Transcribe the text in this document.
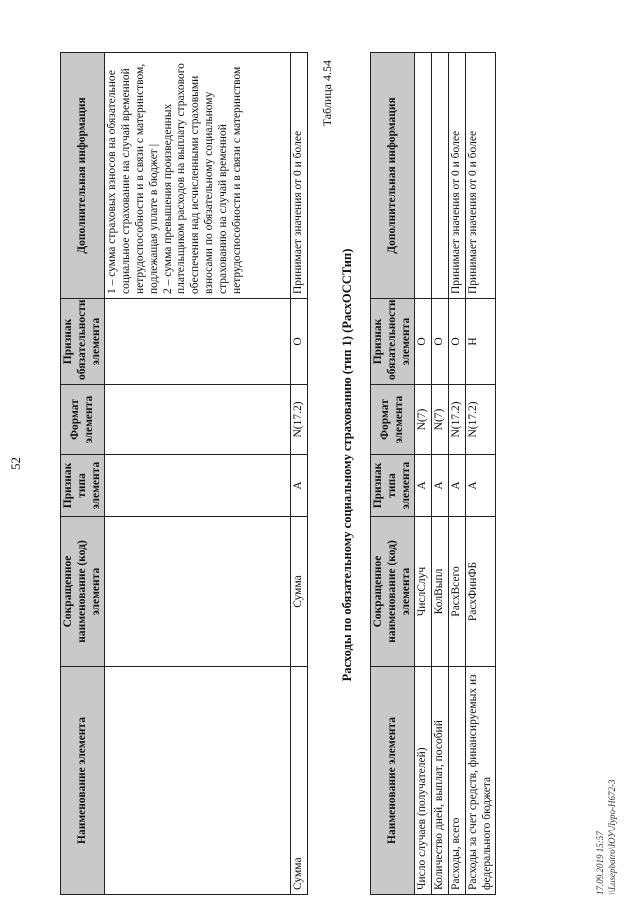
52
Наименование элемента	Сокращенное наименование (код) элемента	Признак типа элемента	Формат элемента	Признак обязательности элемента	Дополнительная информация

					1 – сумма страховых взносов на обязательное социальное страхование на случай временной нетрудоспособности и в связи с материнством, подлежащая уплате в бюджет | 2 – сумма превышения произведенных плательщиком расходов на выплату страхового обеспечения над исчисленными страховыми взносами по обязательному социальному страхованию на случай временной нетрудоспособности и в связи с материнством

Сумма	Сумма	А	N(17.2)	О	Принимает значения от 0 и более
Таблица 4.54
Расходы по обязательному социальному страхованию (тип 1) (РасхОССТип)
Наименование элемента	Сокращенное наименование (код) элемента	Признак типа элемента	Формат элемента	Признак обязательности элемента	Дополнительная информация
Число случаев (получателей)	ЧислСлуч	А	N(7)	О	
Количество дней, выплат, пособий	КолВыпл	А	N(7)	О	
Расходы, всего	РасхВсего	А	N(17.2)	О	Принимает значения от 0 и более
Расходы за счет средств, финансируемых из федерального бюджета	РасхФинФБ	А	N(17.2)	Н	Принимает значения от 0 и более
17.09.2019 15:57 \\Lusepbatro\ЮУ\Луро-H672-3
